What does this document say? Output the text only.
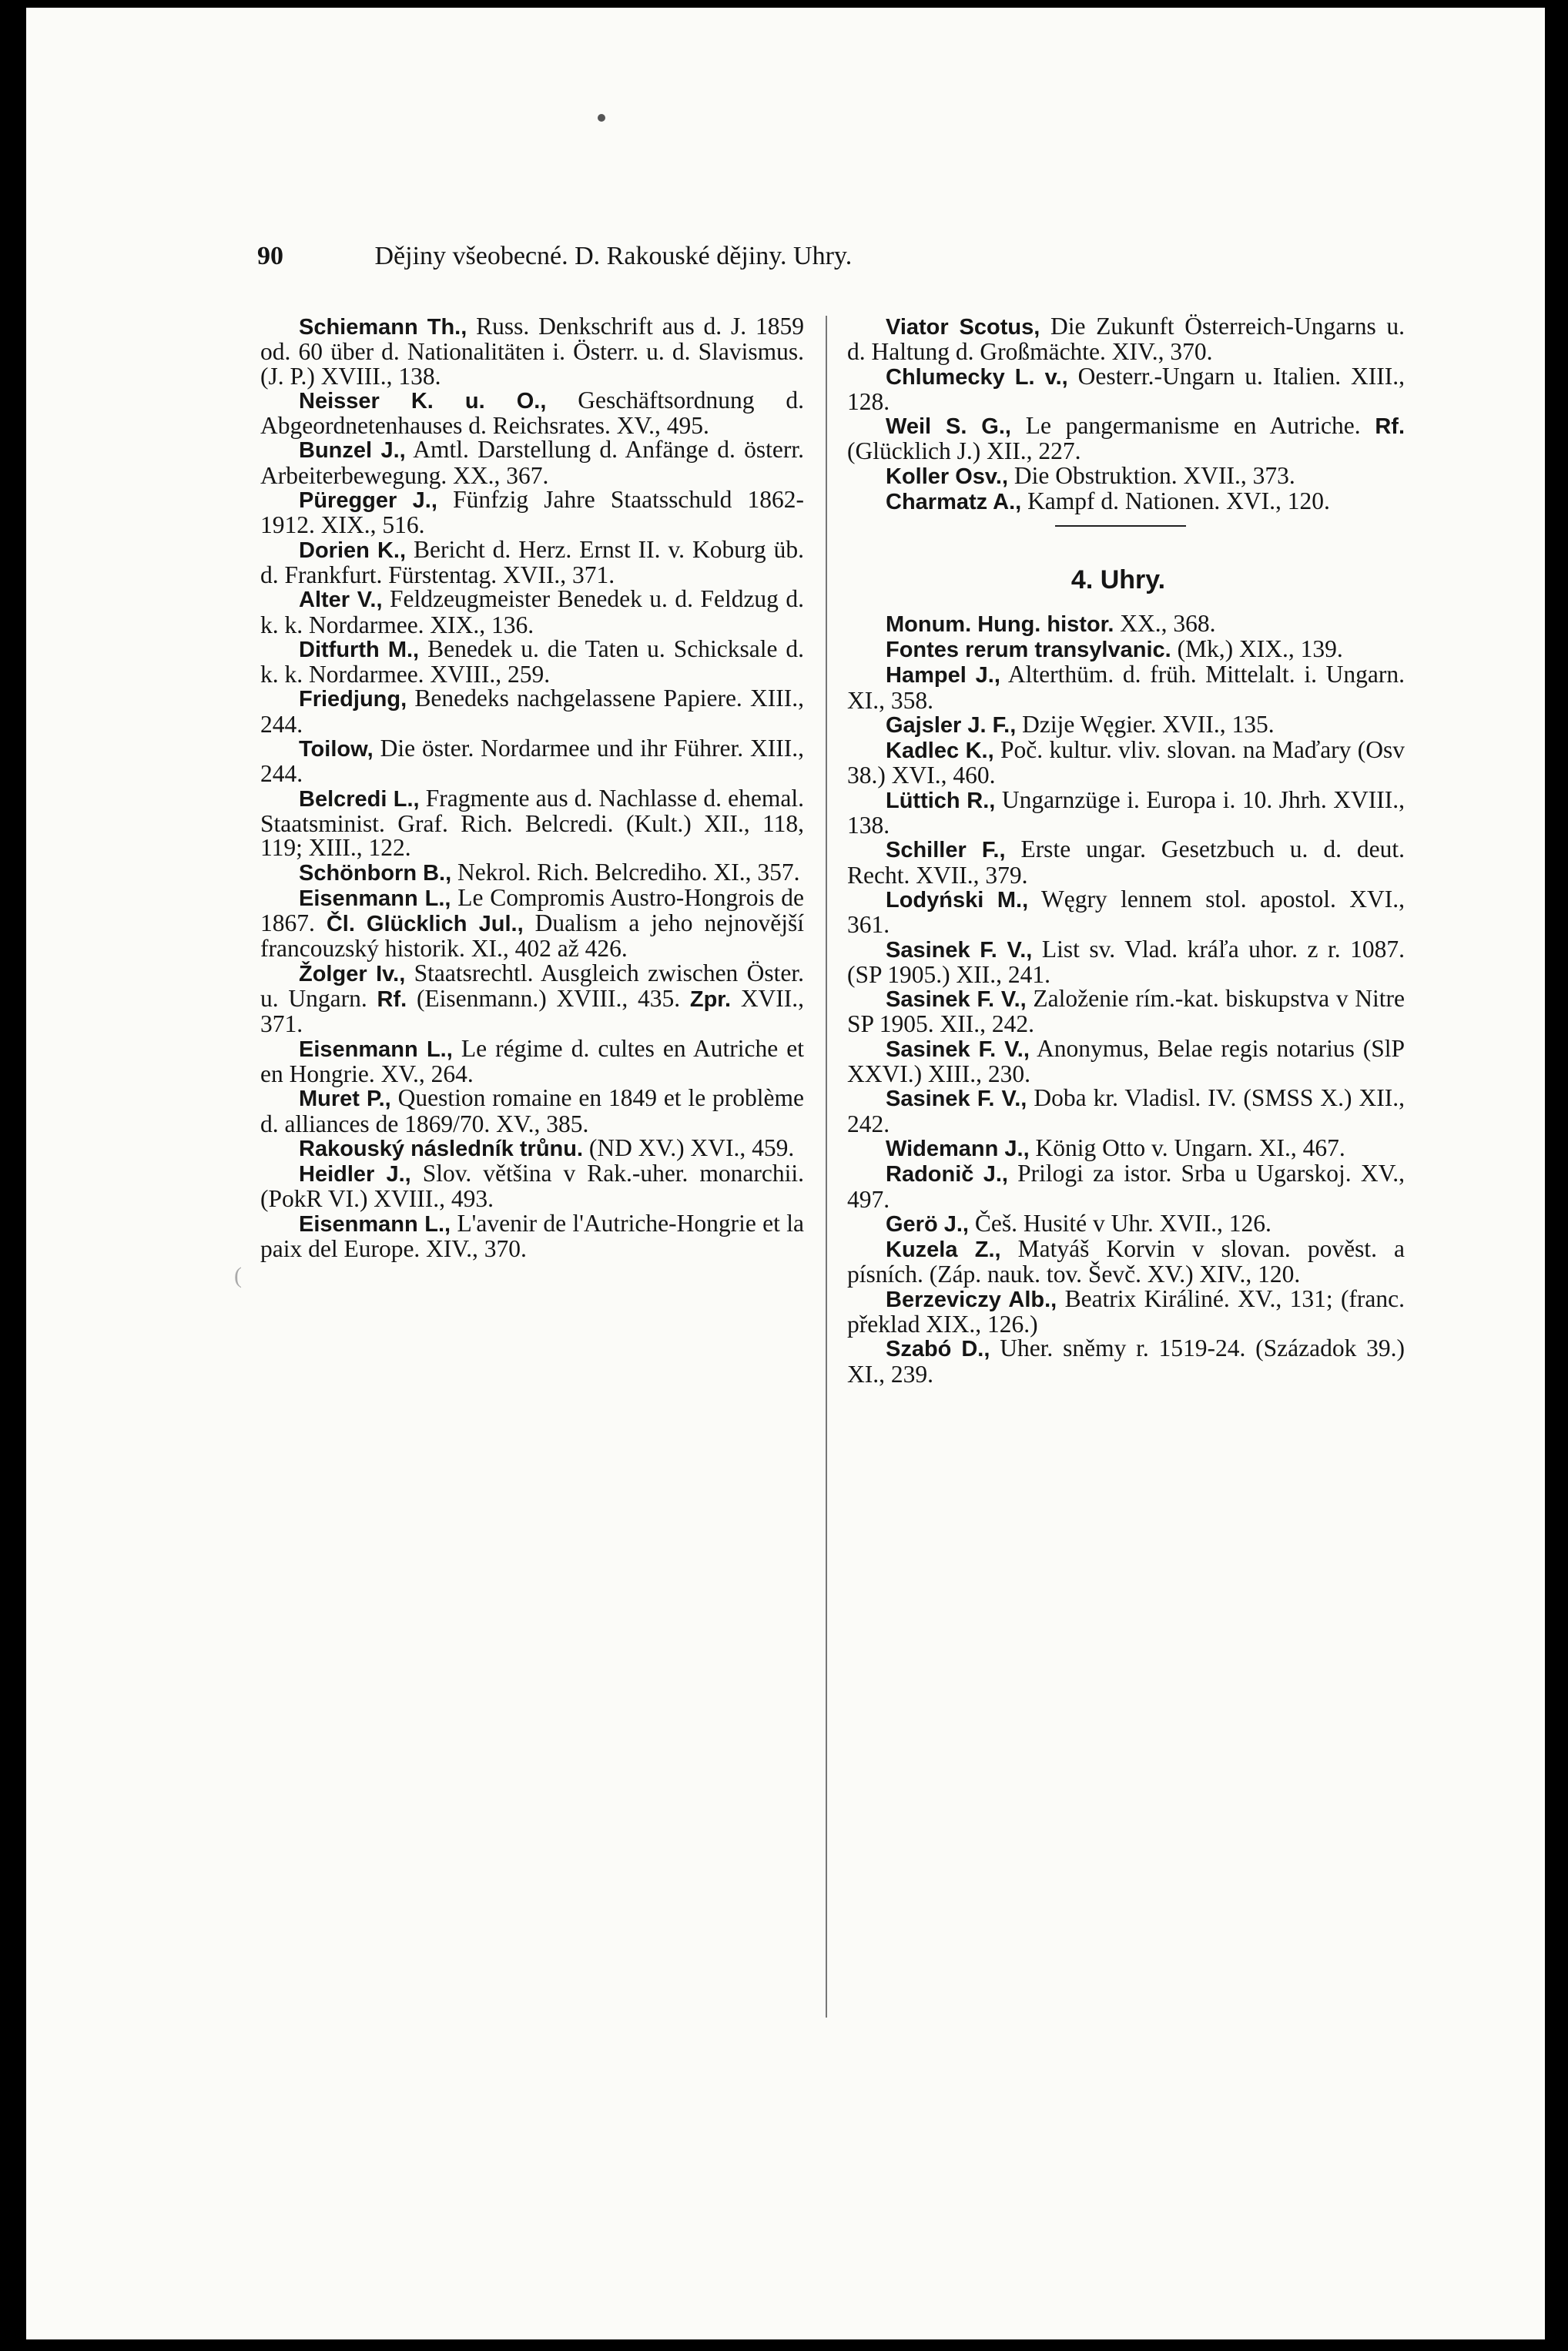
90	Dějiny všeobecné. D. Rakouské dějiny. Uhry.
(

Schiemann Th., Russ. Denkschrift aus d. J. 1859 od. 60 über d. Nationalitäten i. Österr. u. d. Slavismus. (J. P.) XVIII., 138.

Neisser K. u. O., Geschäftsordnung d. Abgeordnetenhauses d. Reichsrates. XV., 495.

Bunzel J., Amtl. Darstellung d. Anfänge d. österr. Arbeiterbewegung. XX., 367.

Püregger J., Fünfzig Jahre Staatsschuld 1862-1912. XIX., 516.

Dorien K., Bericht d. Herz. Ernst II. v. Koburg üb. d. Frankfurt. Fürstentag. XVII., 371.

Alter V., Feldzeugmeister Benedek u. d. Feldzug d. k. k. Nordarmee. XIX., 136.

Ditfurth M., Benedek u. die Taten u. Schicksale d. k. k. Nordarmee. XVIII., 259.

Friedjung, Benedeks nachgelassene Papiere. XIII., 244.

Toilow, Die öster. Nordarmee und ihr Führer. XIII., 244.

Belcredi L., Fragmente aus d. Nachlasse d. ehemal. Staatsminist. Graf. Rich. Belcredi. (Kult.) XII., 118, 119; XIII., 122.

Schönborn B., Nekrol. Rich. Belcrediho. XI., 357.

Eisenmann L., Le Compromis Austro-Hongrois de 1867. Čl. Glücklich Jul., Dualism a jeho nejnovější francouzský historik. XI., 402 až 426.

Žolger Iv., Staatsrechtl. Ausgleich zwischen Öster. u. Ungarn. Rf. (Eisenmann.) XVIII., 435. Zpr. XVII., 371.

Eisenmann L., Le régime d. cultes en Autriche et en Hongrie. XV., 264.

Muret P., Question romaine en 1849 et le problème d. alliances de 1869/70. XV., 385.

Rakouský následník trůnu. (ND XV.) XVI., 459.

Heidler J., Slov. většina v Rak.-uher. monarchii. (PokR VI.) XVIII., 493.

Eisenmann L., L'avenir de l'Autriche-Hongrie et la paix del Europe. XIV., 370.

Viator Scotus, Die Zukunft Österreich-Ungarns u. d. Haltung d. Großmächte. XIV., 370.

Chlumecky L. v., Oesterr.-Ungarn u. Italien. XIII., 128.

Weil S. G., Le pangermanisme en Autriche. Rf. (Glücklich J.) XII., 227.

Koller Osv., Die Obstruktion. XVII., 373.

Charmatz A., Kampf d. Nationen. XVI., 120.

4. Uhry.

Monum. Hung. histor. XX., 368.

Fontes rerum transylvanic. (Mk,) XIX., 139.

Hampel J., Alterthüm. d. früh. Mittelalt. i. Ungarn. XI., 358.

Gajsler J. F., Dzije Węgier. XVII., 135.

Kadlec K., Poč. kultur. vliv. slovan. na Maďary (Osv 38.) XVI., 460.

Lüttich R., Ungarnzüge i. Europa i. 10. Jhrh. XVIII., 138.

Schiller F., Erste ungar. Gesetzbuch u. d. deut. Recht. XVII., 379.

Lodyński M., Węgry lennem stol. apostol. XVI., 361.

Sasinek F. V., List sv. Vlad. kráľa uhor. z r. 1087. (SP 1905.) XII., 241.

Sasinek F. V., Založenie rím.-kat. biskupstva v Nitre SP 1905. XII., 242.

Sasinek F. V., Anonymus, Belae regis notarius (SlP XXVI.) XIII., 230.

Sasinek F. V., Doba kr. Vladisl. IV. (SMSS X.) XII., 242.

Widemann J., König Otto v. Ungarn. XI., 467.

Radonič J., Prilogi za istor. Srba u Ugarskoj. XV., 497.

Gerö J., Češ. Husité v Uhr. XVII., 126.

Kuzela Z., Matyáš Korvin v slovan. pověst. a písních. (Záp. nauk. tov. Ševč. XV.) XIV., 120.

Berzeviczy Alb., Beatrix Királiné. XV., 131; (franc. překlad XIX., 126.)

Szabó D., Uher. sněmy r. 1519-24. (Századok 39.) XI., 239.
